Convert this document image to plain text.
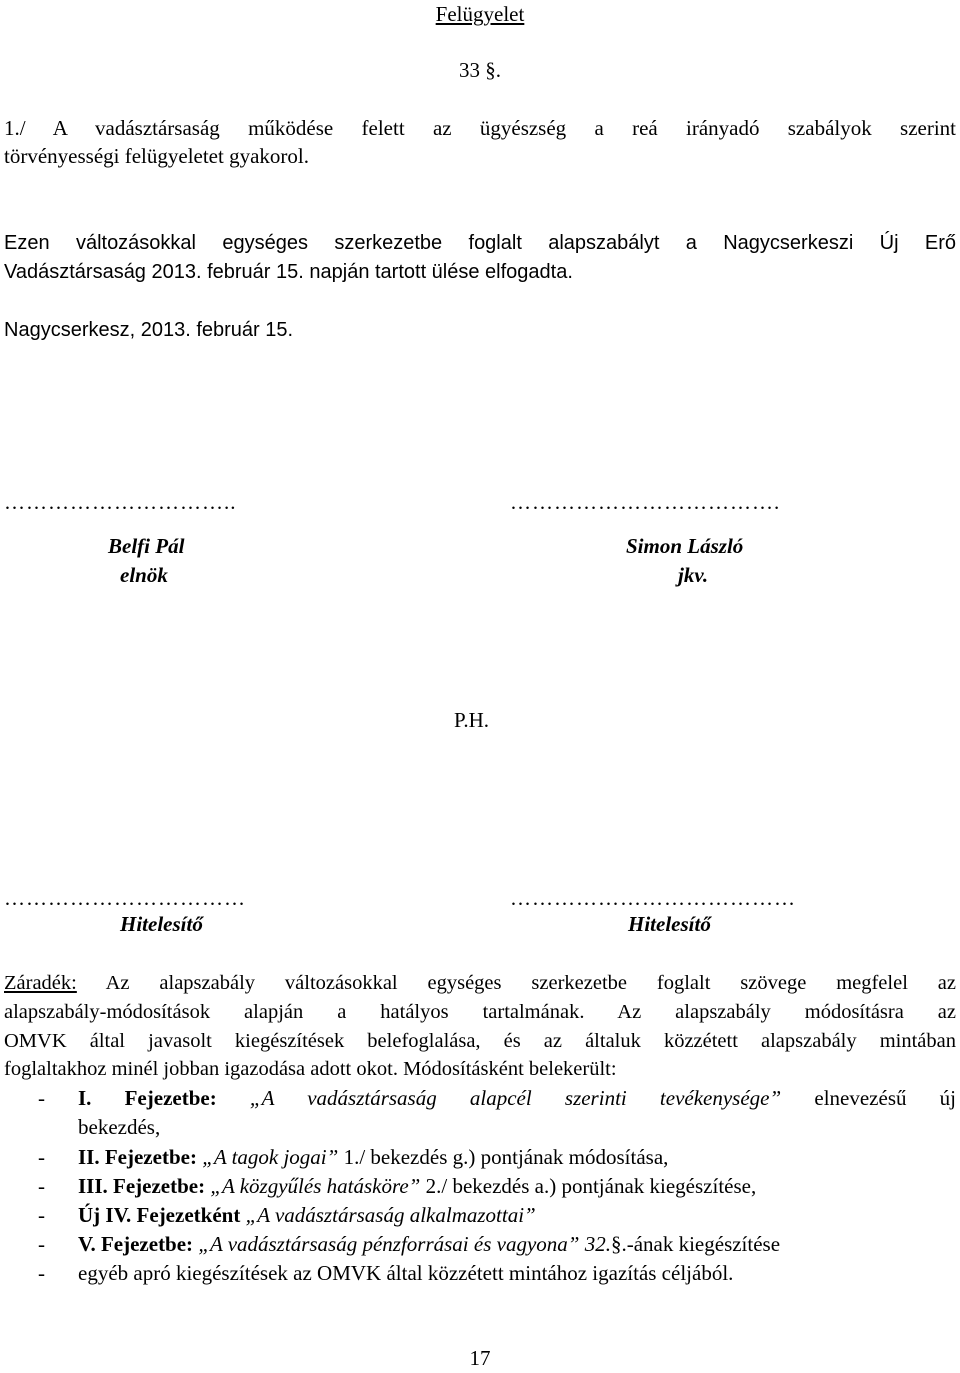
Felügyelet
33 §.
1./ A vadásztársaság működése felett az ügyészség a reá irányadó szabályok szerint
törvényességi felügyeletet gyakorol.
Ezen változásokkal egységes szerkezetbe foglalt alapszabályt a Nagycserkeszi Új Erő
Vadásztársaság 2013. február 15. napján tartott ülése elfogadta.
Nagycserkesz, 2013. február 15.
…………………………..	……………………………….
Belfi Pál	Simon László
elnök	jkv.
P.H.
……………………………	…………………………………
Hitelesítő	Hitelesítő
Záradék: Az alapszabály változásokkal egységes szerkezetbe foglalt szövege megfelel az
alapszabály-módosítások alapján a hatályos tartalmának. Az alapszabály módosításra az
OMVK által javasolt kiegészítések belefoglalása, és az általuk közzétett alapszabály mintában
foglaltakhoz minél jobban igazodása adott okot. Módosításként belekerült:
- I. Fejezetbe: „A vadásztársaság alapcél szerinti tevékenysége” elnevezésű új
bekezdés,
- II. Fejezetbe: „A tagok jogai” 1./ bekezdés g.) pontjának módosítása,
- III. Fejezetbe: „A közgyűlés hatásköre” 2./ bekezdés a.) pontjának kiegészítése,
- Új IV. Fejezetként „A vadásztársaság alkalmazottai”
- V. Fejezetbe: „A vadásztársaság pénzforrásai és vagyona” 32.§.-ának kiegészítése
- egyéb apró kiegészítések az OMVK által közzétett mintához igazítás céljából.
17
